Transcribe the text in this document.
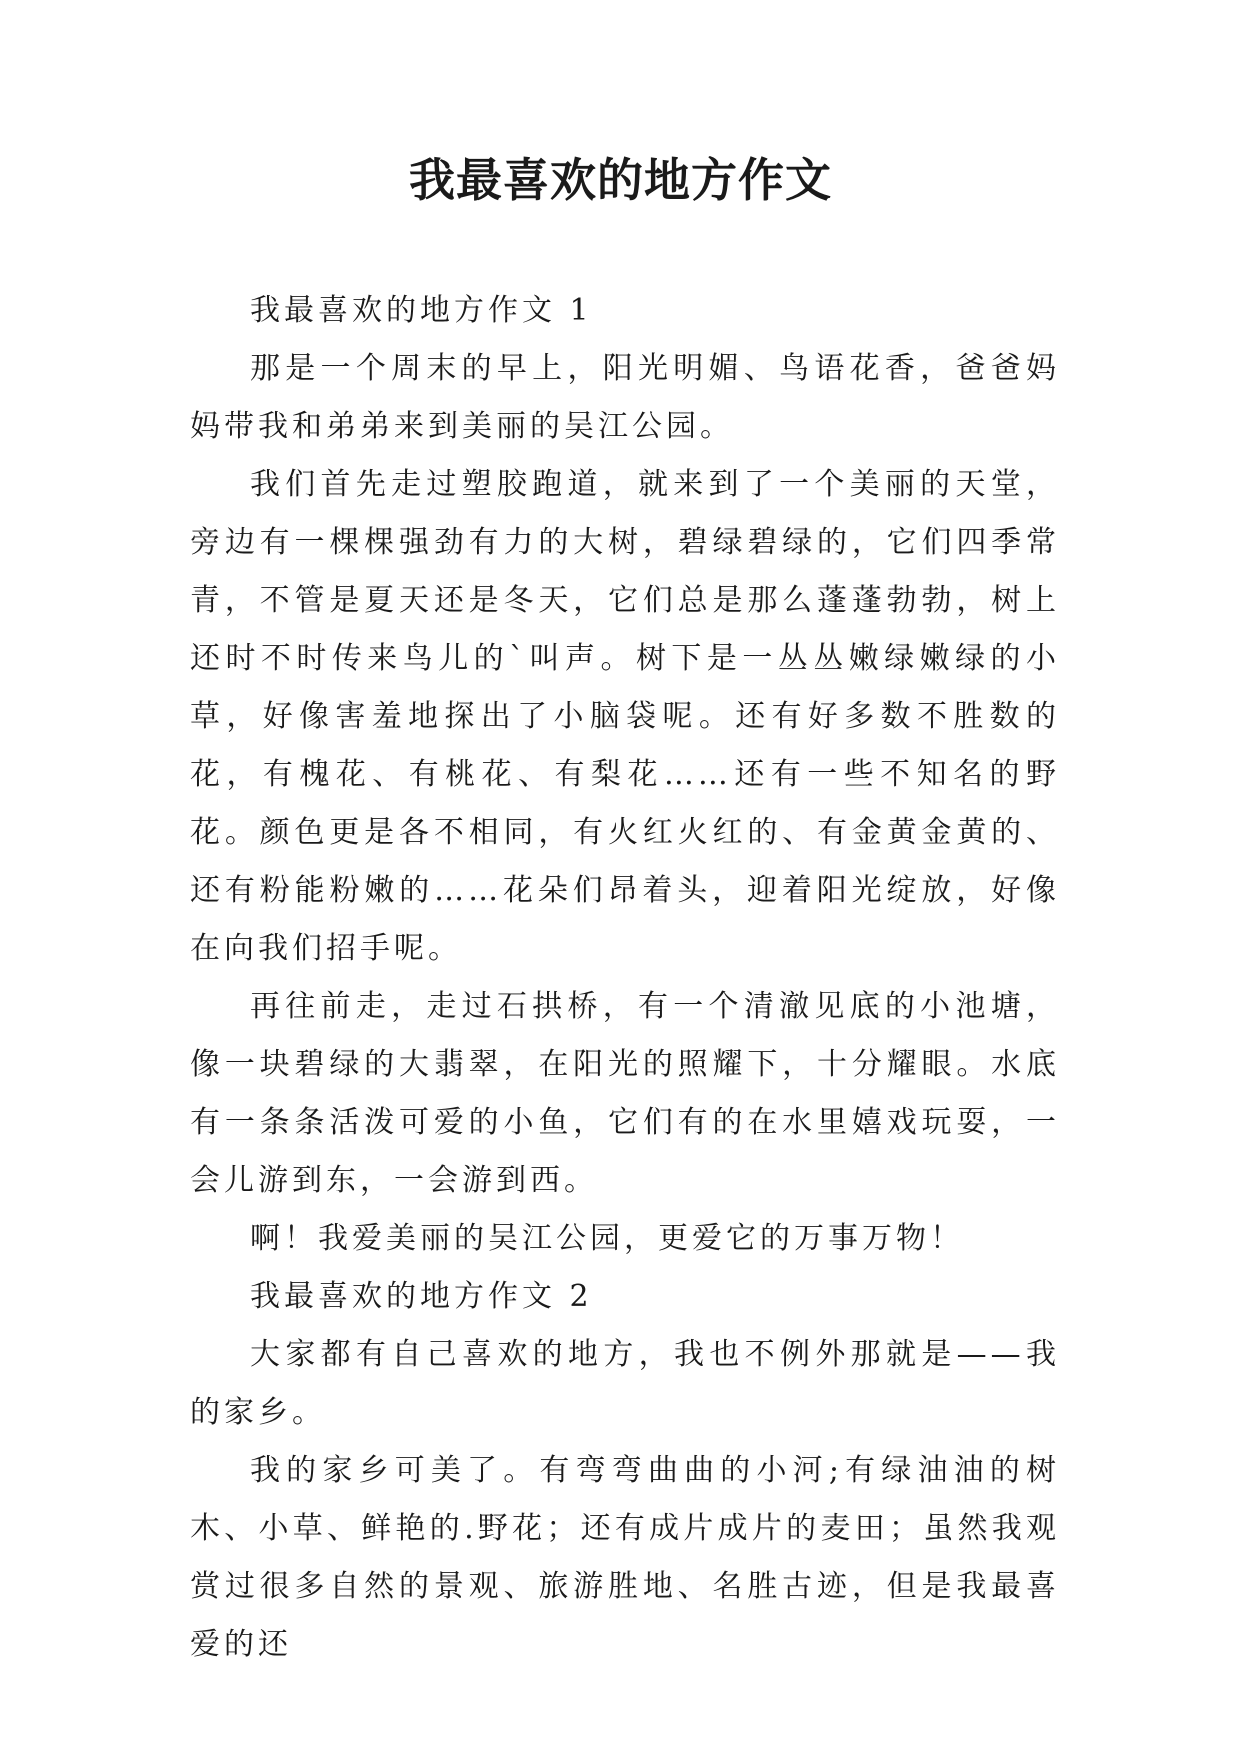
我最喜欢的地方作文

我最喜欢的地方作文 1

那是一个周末的早上，阳光明媚、鸟语花香，爸爸妈妈带我和弟弟来到美丽的吴江公园。

我们首先走过塑胶跑道，就来到了一个美丽的天堂，旁边有一棵棵强劲有力的大树，碧绿碧绿的，它们四季常青，不管是夏天还是冬天，它们总是那么蓬蓬勃勃，树上还时不时传来鸟儿的`叫声。树下是一丛丛嫩绿嫩绿的小草，好像害羞地探出了小脑袋呢。还有好多数不胜数的花，有槐花、有桃花、有梨花……还有一些不知名的野花。颜色更是各不相同，有火红火红的、有金黄金黄的、还有粉能粉嫩的……花朵们昂着头，迎着阳光绽放，好像在向我们招手呢。

再往前走，走过石拱桥，有一个清澈见底的小池塘，像一块碧绿的大翡翠，在阳光的照耀下，十分耀眼。水底有一条条活泼可爱的小鱼，它们有的在水里嬉戏玩耍，一会儿游到东，一会游到西。

啊！我爱美丽的吴江公园，更爱它的万事万物！

我最喜欢的地方作文 2

大家都有自己喜欢的地方，我也不例外那就是——我的家乡。

我的家乡可美了。有弯弯曲曲的小河;有绿油油的树木、小草、鲜艳的.野花；还有成片成片的麦田；虽然我观赏过很多自然的景观、旅游胜地、名胜古迹，但是我最喜爱的还
